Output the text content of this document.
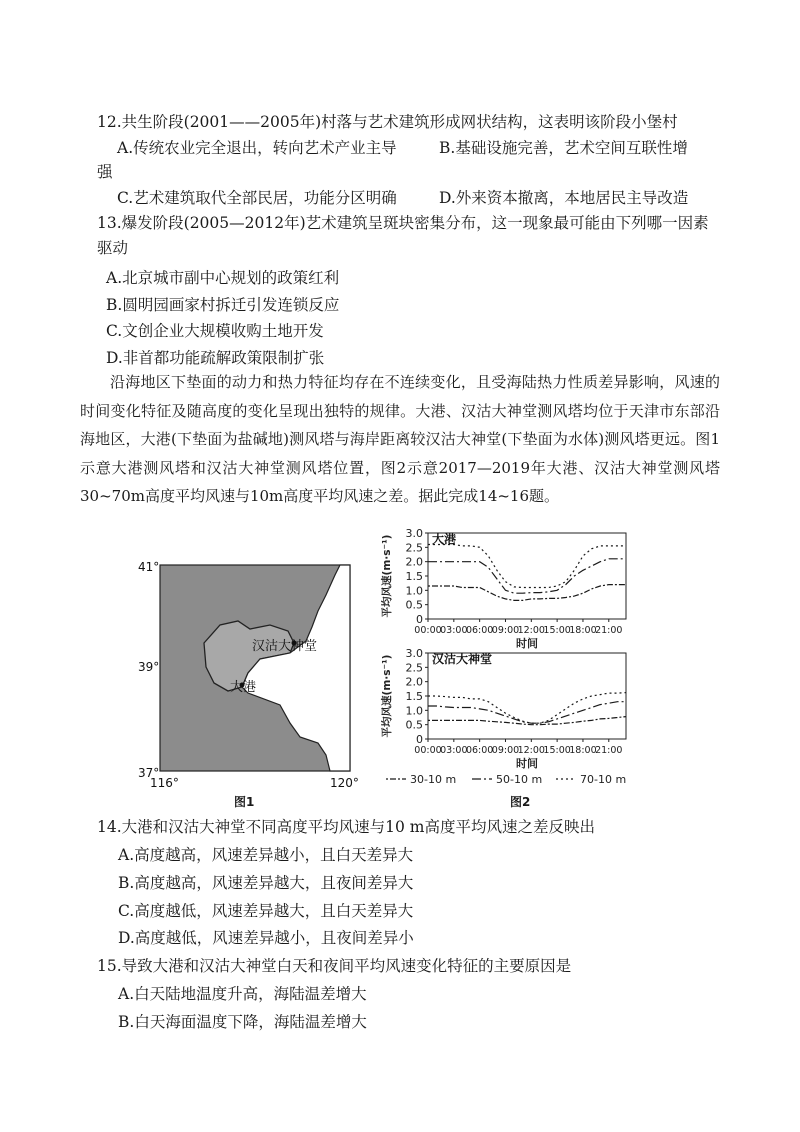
12.共生阶段(2001——2005年)村落与艺术建筑形成网状结构，这表明该阶段小堡村
A.传统农业完全退出，转向艺术产业主导	B.基础设施完善，艺术空间互联性增
强
C.艺术建筑取代全部民居，功能分区明确	D.外来资本撤离，本地居民主导改造
13.爆发阶段(2005—2012年)艺术建筑呈斑块密集分布，这一现象最可能由下列哪一因素
驱动
A.北京城市副中心规划的政策红利
B.圆明园画家村拆迁引发连锁反应
C.文创企业大规模收购土地开发
D.非首都功能疏解政策限制扩张
沿海地区下垫面的动力和热力特征均存在不连续变化，且受海陆热力性质差异影响，风速的时间变化特征及随高度的变化呈现出独特的规律。大港、汉沽大神堂测风塔均位于天津市东部沿海地区，大港(下垫面为盐碱地)测风塔与海岸距离较汉沽大神堂(下垫面为水体)测风塔更远。图1示意大港测风塔和汉沽大神堂测风塔位置，图2示意2017—2019年大港、汉沽大神堂测风塔30~70m高度平均风速与10m高度平均风速之差。据此完成14~16题。
汉沽大神堂
大港
41°
39°
37°
116°	120°
图1
0
0.5
1.0
1.5
2.0
2.5
3.0
00:00
03:00
06:00
09:00
12:00
15:00
18:00
21:00
时间
平均风速(m·s⁻¹)	大港
0
0.5
1.0
1.5
2.0
2.5
3.0
00:00
03:00
06:00
09:00
12:00
15:00
18:00
21:00
时间
平均风速(m·s⁻¹)	汉沽大神堂
30-10 m	50-10 m	70-10 m
图2
14.大港和汉沽大神堂不同高度平均风速与10 m高度平均风速之差反映出
A.高度越高，风速差异越小，且白天差异大
B.高度越高，风速差异越大，且夜间差异大
C.高度越低，风速差异越大，且白天差异大
D.高度越低，风速差异越小，且夜间差异小
15.导致大港和汉沽大神堂白天和夜间平均风速变化特征的主要原因是
A.白天陆地温度升高，海陆温差增大
B.白天海面温度下降，海陆温差增大
